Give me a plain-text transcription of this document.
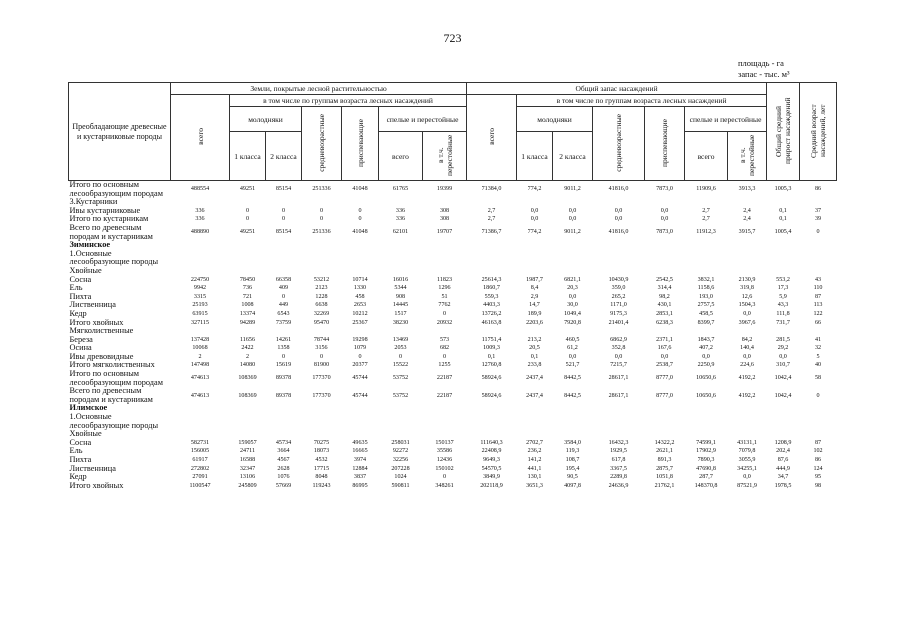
723
площадь - га
запас - тыс. м³
Преобладающие древесные и кустарниковые породы	Земли, покрытые лесной растительностью							Общий запас насаждений							Общий средний прирост насаждений	Средний возраст насаждений, лет
	всего	в том числе по группам возраста лесных насаждений						всего	в том числе по группам возраста лесных насаждений							
		молодняки		средневозрастные	приспевающие	спелые и перестойные			молодняки		средневозрастные	приспевающие	спелые и перестойные			
		1 класса	2 класса			всего	в т.ч. перестойные		1 класса	2 класса			всего	в т.ч. перестойные		
Итого по основным лесообразующим породам	488554	49251	85154	251336	41048	61765	19399	71384,0	774,2	9011,2	41816,0	7873,0	11909,6	3913,3	1005,3	86
3.Кустарники																
Ивы кустарниковые	336	0	0	0	0	336	308	2,7	0,0	0,0	0,0	0,0	2,7	2,4	0,1	37
Итого по кустарникам	336	0	0	0	0	336	308	2,7	0,0	0,0	0,0	0,0	2,7	2,4	0,1	39
Всего по древесным породам и кустарникам	488890	49251	85154	251336	41048	62101	19707	71386,7	774,2	9011,2	41816,0	7873,0	11912,3	3915,7	1005,4	0
Зиминское																
1.Основные лесообразующие породы																
Хвойные																
Сосна	224750	78450	66358	53212	10714	16016	11823	25614,3	1987,7	6821,1	10430,9	2542,5	3832,1	2130,9	553,2	43
Ель	9942	736	409	2123	1330	5344	1296	1860,7	8,4	20,3	359,0	314,4	1158,6	319,8	17,3	110
Пихта	3315	721	0	1228	458	908	51	559,3	2,9	0,0	265,2	98,2	193,0	12,6	5,9	87
Лиственница	25193	1008	449	6638	2653	14445	7762	4403,3	14,7	30,0	1171,0	430,1	2757,5	1504,3	43,3	113
Кедр	63915	13374	6543	32269	10212	1517	0	13726,2	189,9	1049,4	9175,3	2853,1	458,5	0,0	111,8	122
Итого хвойных	327115	94289	73759	95470	25367	38230	20932	46163,8	2203,6	7920,8	21401,4	6238,3	8399,7	3967,6	731,7	66
Мягколиственные																
Береза	137428	11656	14261	78744	19298	13469	573	11751,4	213,2	460,5	6862,9	2371,1	1843,7	84,2	281,5	41
Осина	10068	2422	1358	3156	1079	2053	682	1009,3	20,5	61,2	352,8	167,6	407,2	140,4	29,2	32
Ивы древовидные	2	2	0	0	0	0	0	0,1	0,1	0,0	0,0	0,0	0,0	0,0	0,0	5
Итого мягколиственных	147498	14080	15619	81900	20377	15522	1255	12760,8	233,8	521,7	7215,7	2538,7	2250,9	224,6	310,7	40
Итого по основным лесообразующим породам	474613	108369	89378	177370	45744	53752	22187	58924,6	2437,4	8442,5	28617,1	8777,0	10650,6	4192,2	1042,4	58
Всего по древесным породам и кустарникам	474613	108369	89378	177370	45744	53752	22187	58924,6	2437,4	8442,5	28617,1	8777,0	10650,6	4192,2	1042,4	0
Илимское																
1.Основные лесообразующие породы																
Хвойные																
Сосна	582731	159057	45734	70275	49635	258031	150137	111640,3	2702,7	3584,0	16432,3	14322,2	74599,1	43131,1	1208,9	87
Ель	156005	24711	3664	18073	16665	92272	35586	22408,9	236,2	119,3	1929,5	2621,1	17902,9	7079,8	202,4	102
Пихта	61917	16588	4567	4532	3974	32256	12436	9649,3	141,2	108,7	617,8	891,3	7890,3	3055,9	87,6	86
Лиственница	272802	32347	2628	17715	12884	207228	150102	54570,5	441,1	195,4	3367,5	2875,7	47690,8	34255,1	444,9	124
Кедр	27091	13106	1076	8048	3837	1024	0	3849,9	130,1	90,5	2289,8	1051,8	287,7	0,0	34,7	95
Итого хвойных	1100547	245809	57669	119243	86995	590811	348261	202118,9	3651,3	4097,8	24636,9	21762,1	148370,8	87521,9	1978,5	98
